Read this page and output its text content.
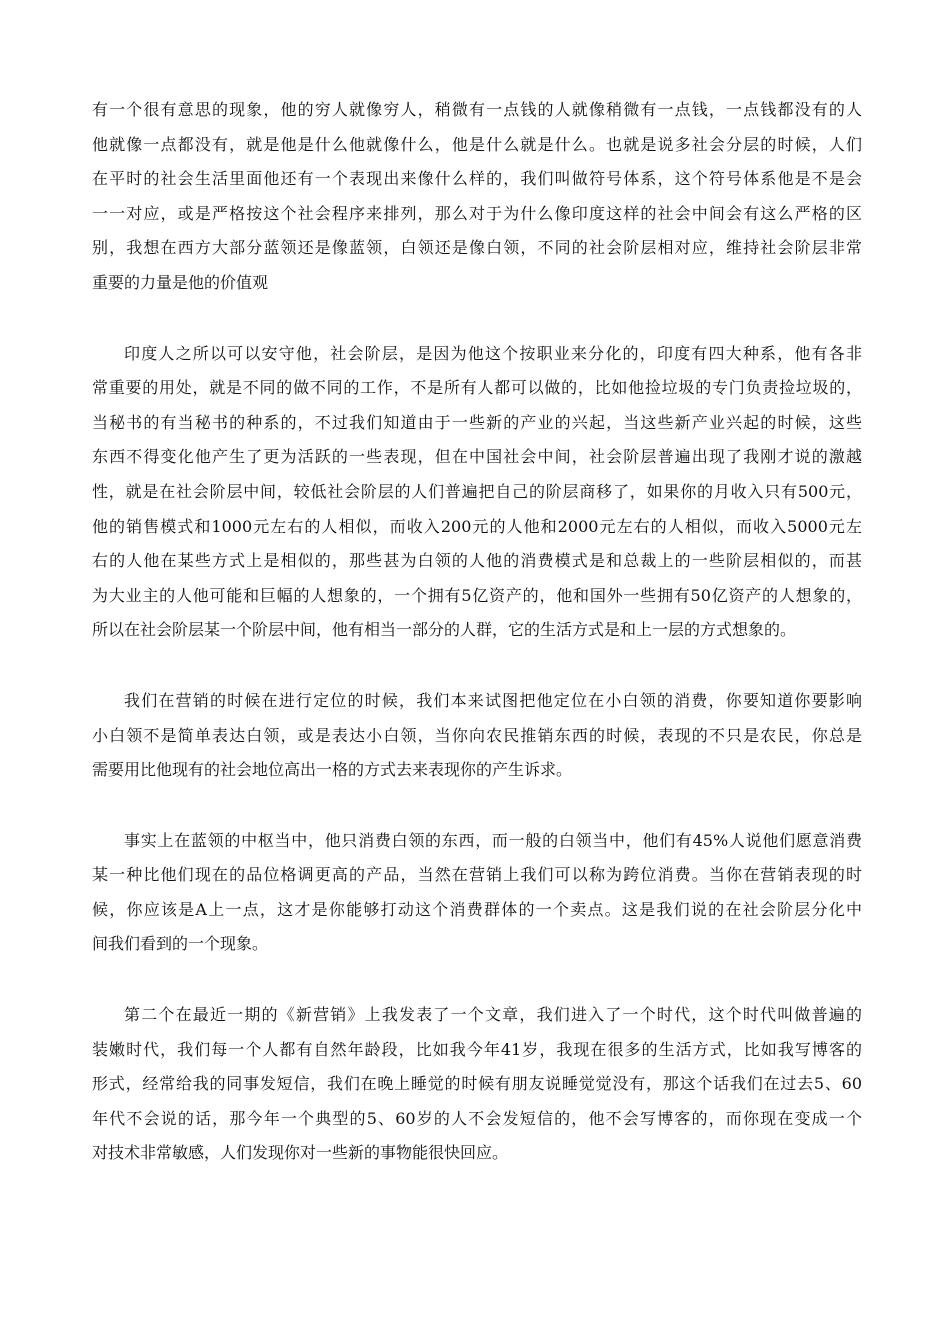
有一个很有意思的现象，他的穷人就像穷人，稍微有一点钱的人就像稍微有一点钱，一点钱都没有的人
他就像一点都没有，就是他是什么他就像什么，他是什么就是什么。也就是说多社会分层的时候，人们
在平时的社会生活里面他还有一个表现出来像什么样的，我们叫做符号体系，这个符号体系他是不是会
一一对应，或是严格按这个社会程序来排列，那么对于为什么像印度这样的社会中间会有这么严格的区
别，我想在西方大部分蓝领还是像蓝领，白领还是像白领，不同的社会阶层相对应，维持社会阶层非常
重要的力量是他的价值观
印度人之所以可以安守他，社会阶层，是因为他这个按职业来分化的，印度有四大种系，他有各非
常重要的用处，就是不同的做不同的工作，不是所有人都可以做的，比如他捡垃圾的专门负责捡垃圾的，
当秘书的有当秘书的种系的，不过我们知道由于一些新的产业的兴起，当这些新产业兴起的时候，这些
东西不得变化他产生了更为活跃的一些表现，但在中国社会中间，社会阶层普遍出现了我刚才说的激越
性，就是在社会阶层中间，较低社会阶层的人们普遍把自己的阶层商移了，如果你的月收入只有500元，
他的销售模式和1000元左右的人相似，而收入200元的人他和2000元左右的人相似，而收入5000元左
右的人他在某些方式上是相似的，那些甚为白领的人他的消费模式是和总裁上的一些阶层相似的，而甚
为大业主的人他可能和巨幅的人想象的，一个拥有5亿资产的，他和国外一些拥有50亿资产的人想象的，
所以在社会阶层某一个阶层中间，他有相当一部分的人群，它的生活方式是和上一层的方式想象的。
我们在营销的时候在进行定位的时候，我们本来试图把他定位在小白领的消费，你要知道你要影响
小白领不是简单表达白领，或是表达小白领，当你向农民推销东西的时候，表现的不只是农民，你总是
需要用比他现有的社会地位高出一格的方式去来表现你的产生诉求。
事实上在蓝领的中枢当中，他只消费白领的东西，而一般的白领当中，他们有45%人说他们愿意消费
某一种比他们现在的品位格调更高的产品，当然在营销上我们可以称为跨位消费。当你在营销表现的时
候，你应该是A上一点，这才是你能够打动这个消费群体的一个卖点。这是我们说的在社会阶层分化中
间我们看到的一个现象。
第二个在最近一期的《新营销》上我发表了一个文章，我们进入了一个时代，这个时代叫做普遍的
装嫩时代，我们每一个人都有自然年龄段，比如我今年41岁，我现在很多的生活方式，比如我写博客的
形式，经常给我的同事发短信，我们在晚上睡觉的时候有朋友说睡觉觉没有，那这个话我们在过去5、60
年代不会说的话，那今年一个典型的5、60岁的人不会发短信的，他不会写博客的，而你现在变成一个
对技术非常敏感，人们发现你对一些新的事物能很快回应。
